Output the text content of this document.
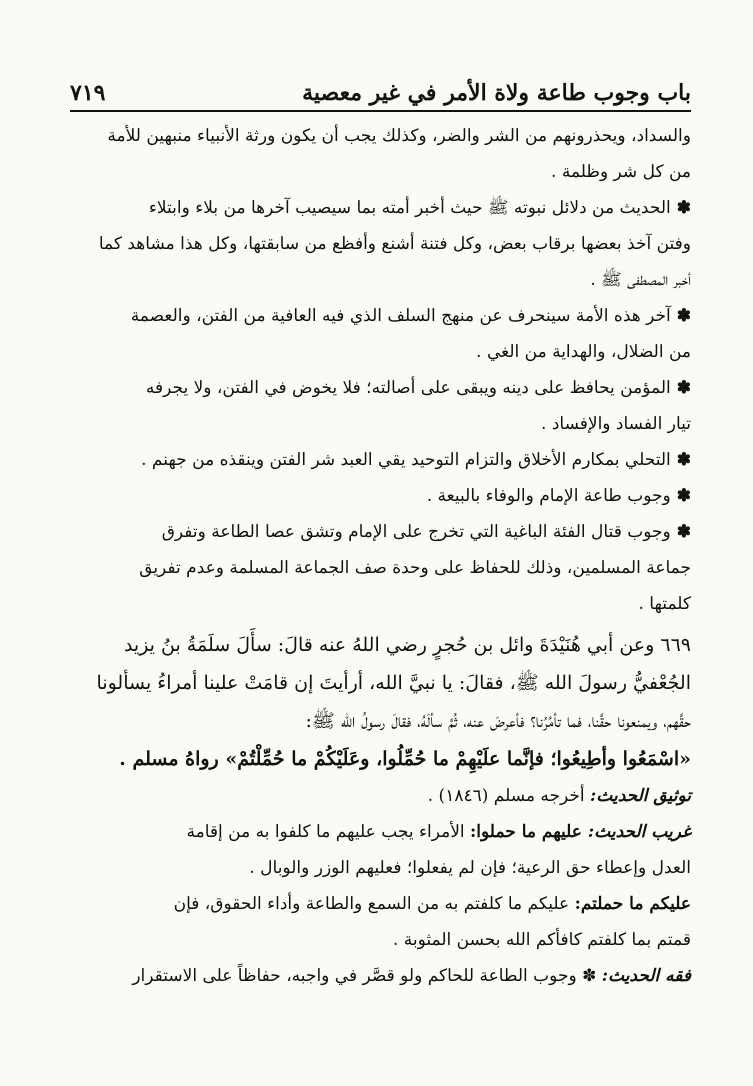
٧١٩	باب وجوب طاعة ولاة الأمر في غير معصية

والسداد، ويحذرونهم من الشر والضر، وكذلك يجب أن يكون ورثة الأنبياء منبهين للأمة

من كل شر وظلمة .

✽الحديث من دلائل نبوته ﷺ حيث أخبر أمته بما سيصيب آخرها من بلاء وابتلاء

وفتن آخذ بعضها برقاب بعض، وكل فتنة أشنع وأفظع من سابقتها، وكل هذا مشاهد كما

أخبر المصطفى ﷺ .

✽آخر هذه الأمة سينحرف عن منهج السلف الذي فيه العافية من الفتن، والعصمة

من الضلال، والهداية من الغي .

✽المؤمن يحافظ على دينه ويبقى على أصالته؛ فلا يخوض في الفتن، ولا يجرفه

تيار الفساد والإفساد .

✽التحلي بمكارم الأخلاق والتزام التوحيد يقي العبد شر الفتن وينقذه من جهنم .

✽وجوب طاعة الإمام والوفاء بالبيعة .

✽وجوب قتال الفئة الباغية التي تخرج على الإمام وتشق عصا الطاعة وتفرق

جماعة المسلمين، وذلك للحفاظ على وحدة صف الجماعة المسلمة وعدم تفريق

كلمتها .

٦٦٩ وعن أبي هُنَيْدَةَ وائل بن حُجرٍ رضي اللهُ عنه قالَ: سأَلَ سلَمَةُ بنُ يزيد

الجُعْفيُّ رسولَ الله ﷺ، فقالَ: يا نبيَّ الله، أرأيتَ إن قامَتْ علينا أمراءُ يسألونا

حقَّهم، ويمنعونا حقَّنا، فما تأمُرُنا؟ فأعرضَ عنه، ثُمَّ سألَهُ، فقالَ رسولُ الله ﷺ:

«اسْمَعُوا وأطِيعُوا؛ فإنَّما علَيْهِمْ ما حُمِّلُوا، وعَلَيْكُمْ ما حُمِّلْتُمْ» رواهُ مسلم .

توثيق الحديث: أخرجه مسلم (١٨٤٦) .

غريب الحديث: عليهم ما حملوا: الأمراء يجب عليهم ما كلفوا به من إقامة

العدل وإعطاء حق الرعية؛ فإن لم يفعلوا؛ فعليهم الوزر والوبال .

عليكم ما حملتم: عليكم ما كلفتم به من السمع والطاعة وأداء الحقوق، فإن

قمتم بما كلفتم كافأكم الله بحسن المثوبة .

فقه الحديث: ✽ وجوب الطاعة للحاكم ولو قصَّر في واجبه، حفاظاً على الاستقرار
